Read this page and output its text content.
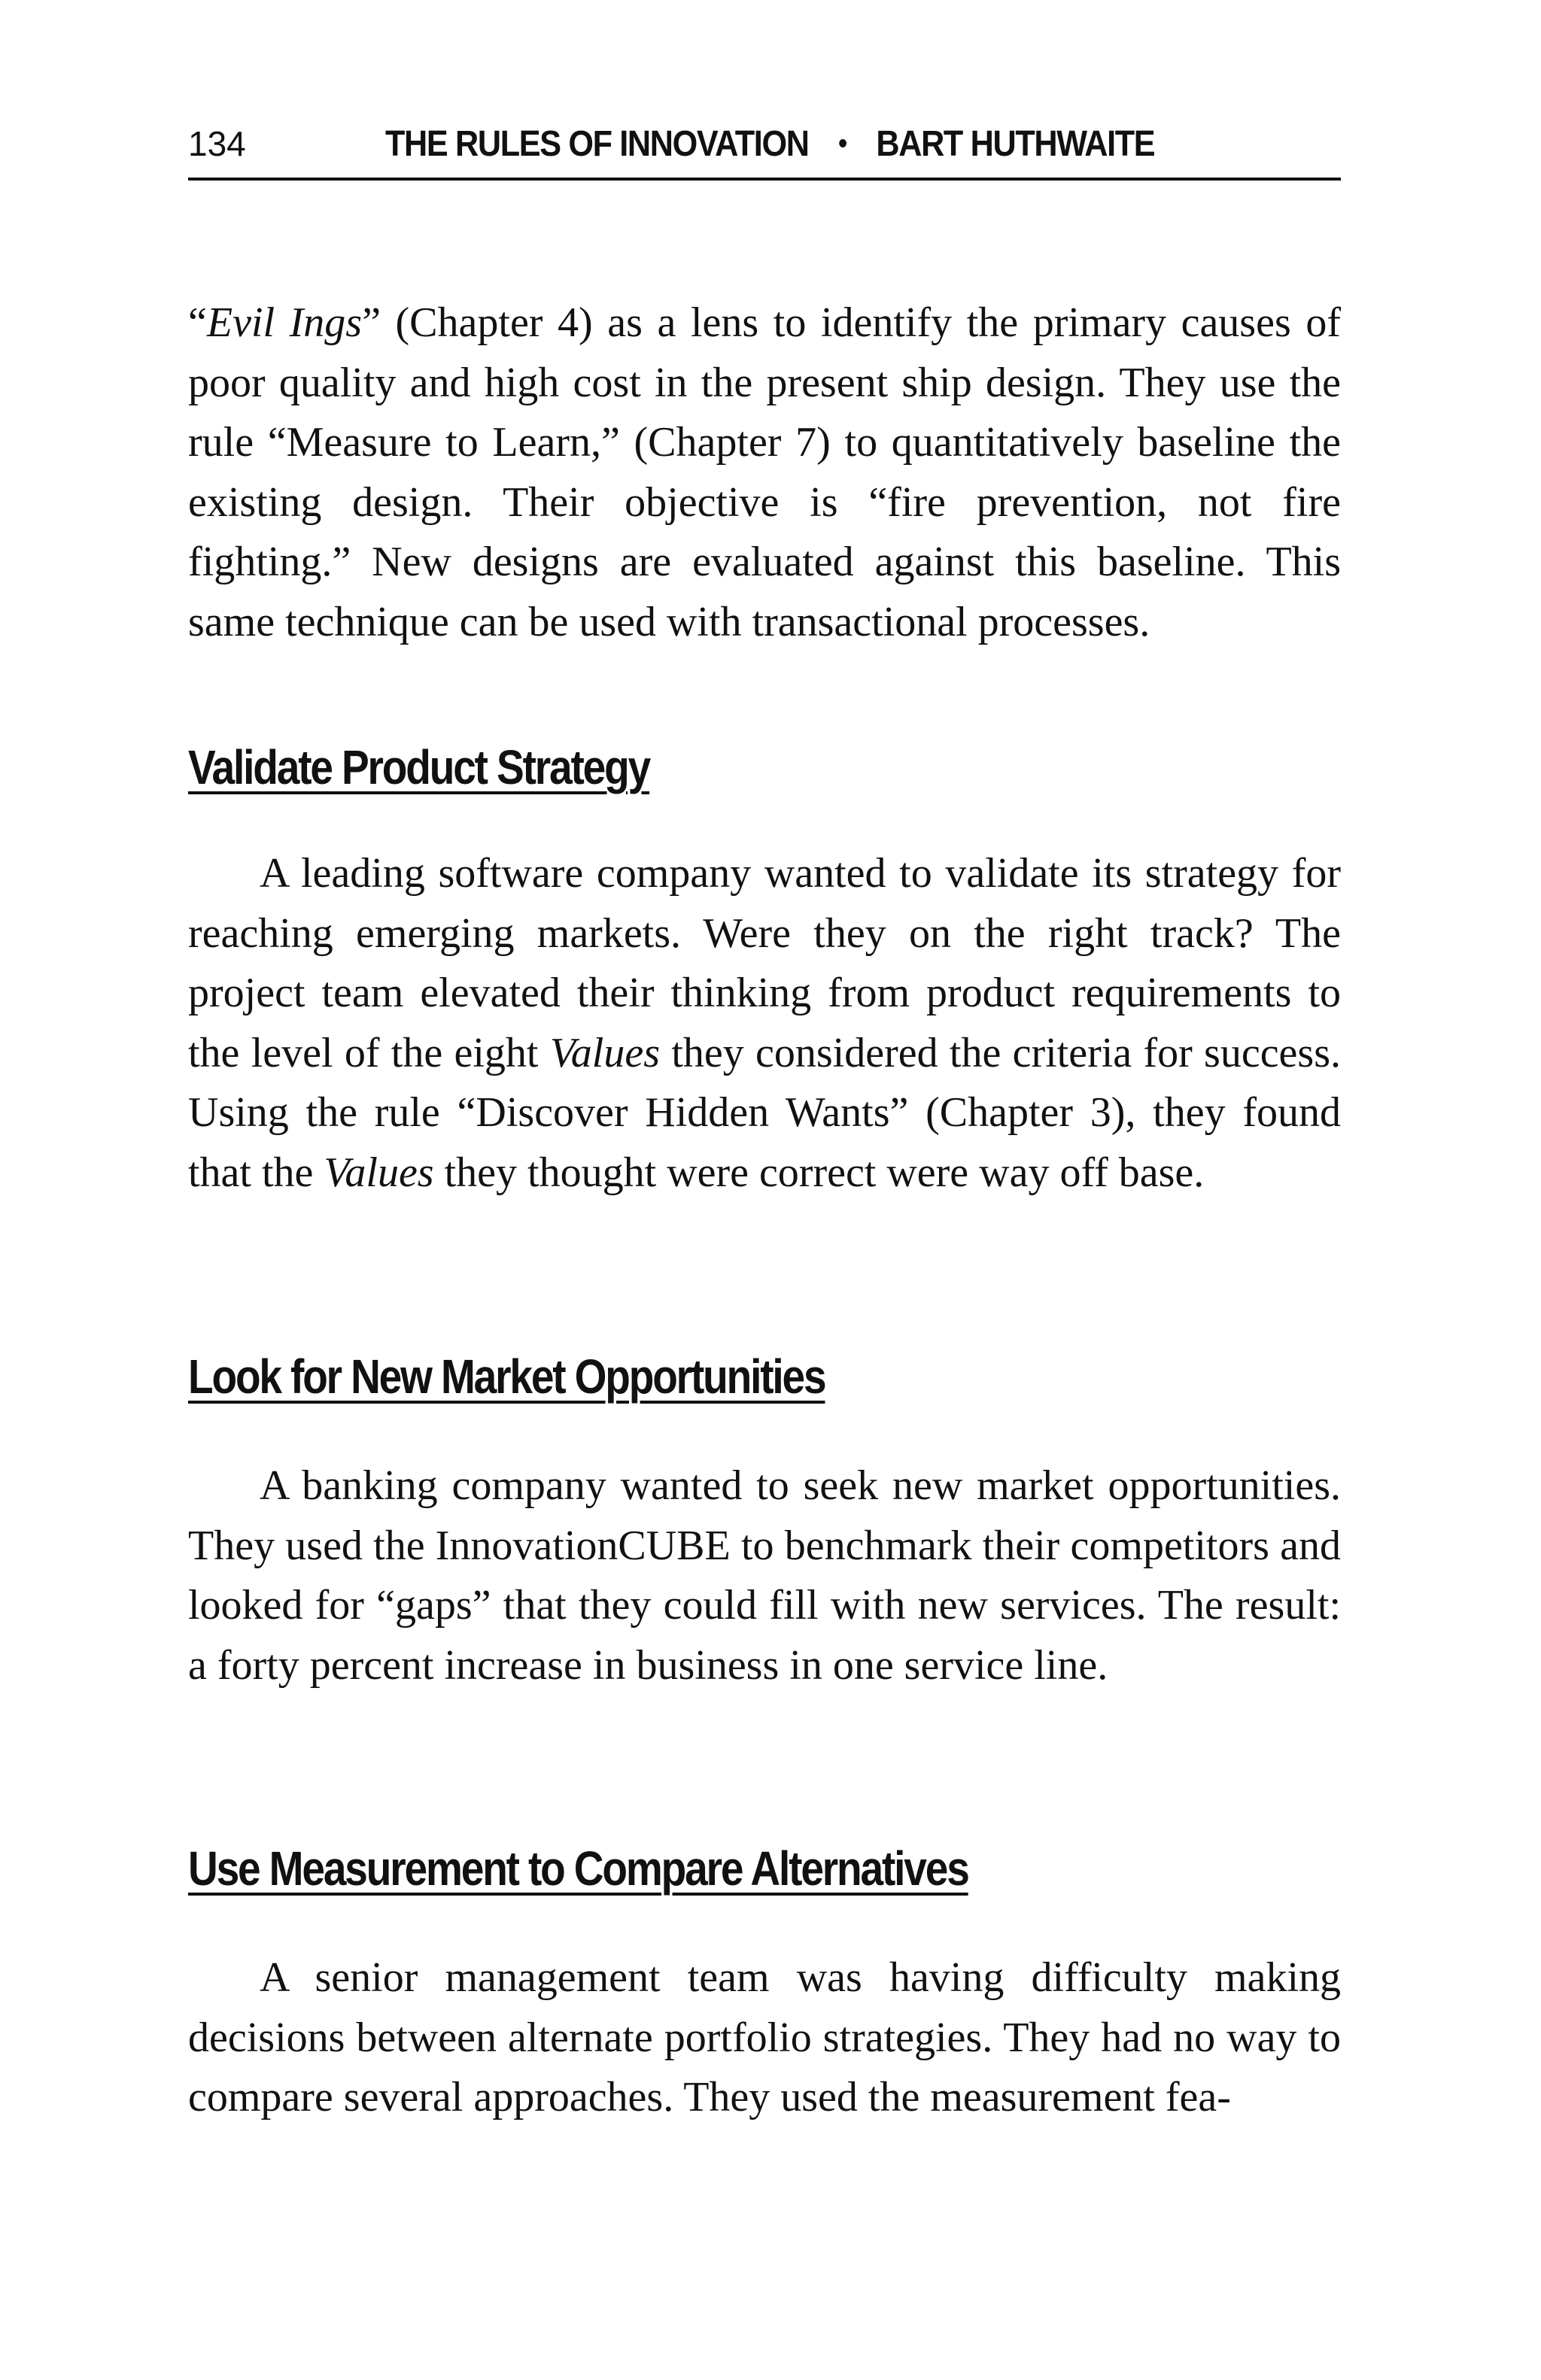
134	THE RULES OF INNOVATION • BART HUTHWAITE

“Evil Ings” (Chapter 4) as a lens to identify the primary causes of poor quality and high cost in the present ship design. They use the rule “Measure to Learn,” (Chapter 7) to quantitatively baseline the existing design. Their objective is “fire prevention, not fire fighting.” New designs are evaluated against this baseline. This same technique can be used with transactional processes.

Validate Product Strategy

A leading software company wanted to validate its strategy for reaching emerging markets. Were they on the right track? The project team elevated their thinking from product requirements to the level of the eight Values they considered the criteria for success. Using the rule “Discover Hidden Wants” (Chapter 3), they found that the Values they thought were correct were way off base.

Look for New Market Opportunities

A banking company wanted to seek new market opportunities. They used the InnovationCUBE to benchmark their competitors and looked for “gaps” that they could fill with new services. The result: a forty percent increase in business in one service line.

Use Measurement to Compare Alternatives

A senior management team was having difficulty making decisions between alternate portfolio strategies. They had no way to compare several approaches. They used the measurement fea-
